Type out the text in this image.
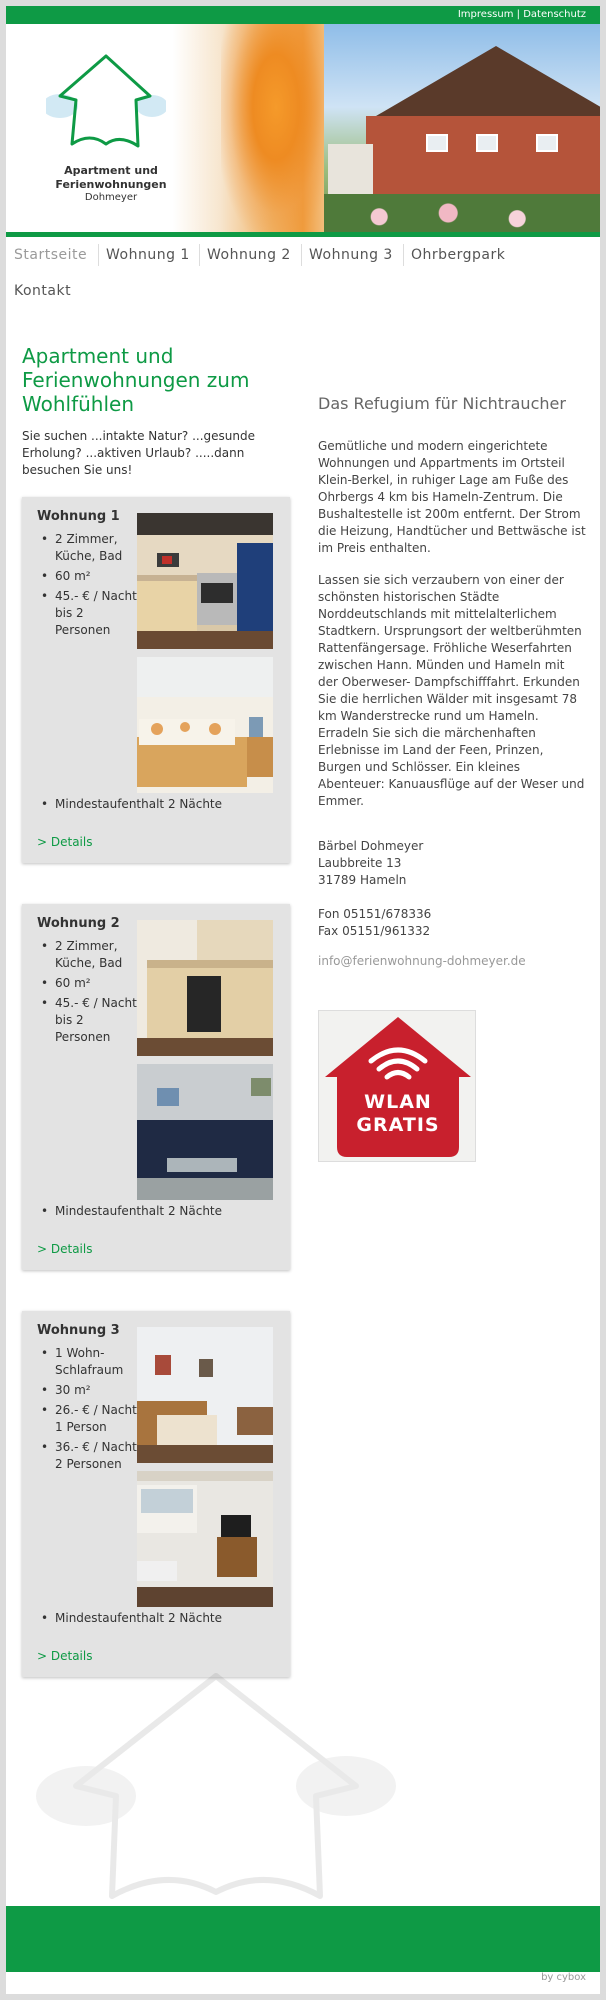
Impressum | Datenschutz
Apartment und
Ferienwohnungen
Dohmeyer
Startseite	Wohnung 1	Wohnung 2	Wohnung 3	Ohrbergpark
Kontakt
Apartment und
Ferienwohnungen zum
Wohlfühlen
Sie suchen ...intakte Natur? ...gesunde Erholung? ...aktiven Urlaub? .....dann besuchen Sie uns!
Wohnung 1
• 2 Zimmer, Küche, Bad
• 60 m²
• 45.- € / Nacht bis 2 Personen
• Mindestaufenthalt 2 Nächte
> Details
Wohnung 2
• 2 Zimmer, Küche, Bad
• 60 m²
• 45.- € / Nacht bis 2 Personen
• Mindestaufenthalt 2 Nächte
> Details
Wohnung 3
• 1 Wohn-Schlafraum
• 30 m²
• 26.- € / Nacht 1 Person
• 36.- € / Nacht 2 Personen
• Mindestaufenthalt 2 Nächte
> Details
Das Refugium für Nichtraucher
Gemütliche und modern eingerichtete Wohnungen und Appartments im Ortsteil Klein-Berkel, in ruhiger Lage am Fuße des Ohrbergs 4 km bis Hameln-Zentrum. Die Bushaltestelle ist 200m entfernt. Der Strom die Heizung, Handtücher und Bettwäsche ist im Preis enthalten.
Lassen sie sich verzaubern von einer der schönsten historischen Städte Norddeutschlands mit mittelalterlichem Stadtkern. Ursprungsort der weltberühmten Rattenfängersage. Fröhliche Weserfahrten zwischen Hann. Münden und Hameln mit der Oberweser- Dampfschifffahrt. Erkunden Sie die herrlichen Wälder mit insgesamt 78 km Wanderstrecke rund um Hameln. Erradeln Sie sich die märchenhaften Erlebnisse im Land der Feen, Prinzen, Burgen und Schlösser. Ein kleines Abenteuer: Kanuausflüge auf der Weser und Emmer.
Bärbel Dohmeyer
Laubbreite 13
31789 Hameln
Fon 05151/678336
Fax 05151/961332
info@ferienwohnung-dohmeyer.de
WLAN
GRATIS
by cybox
